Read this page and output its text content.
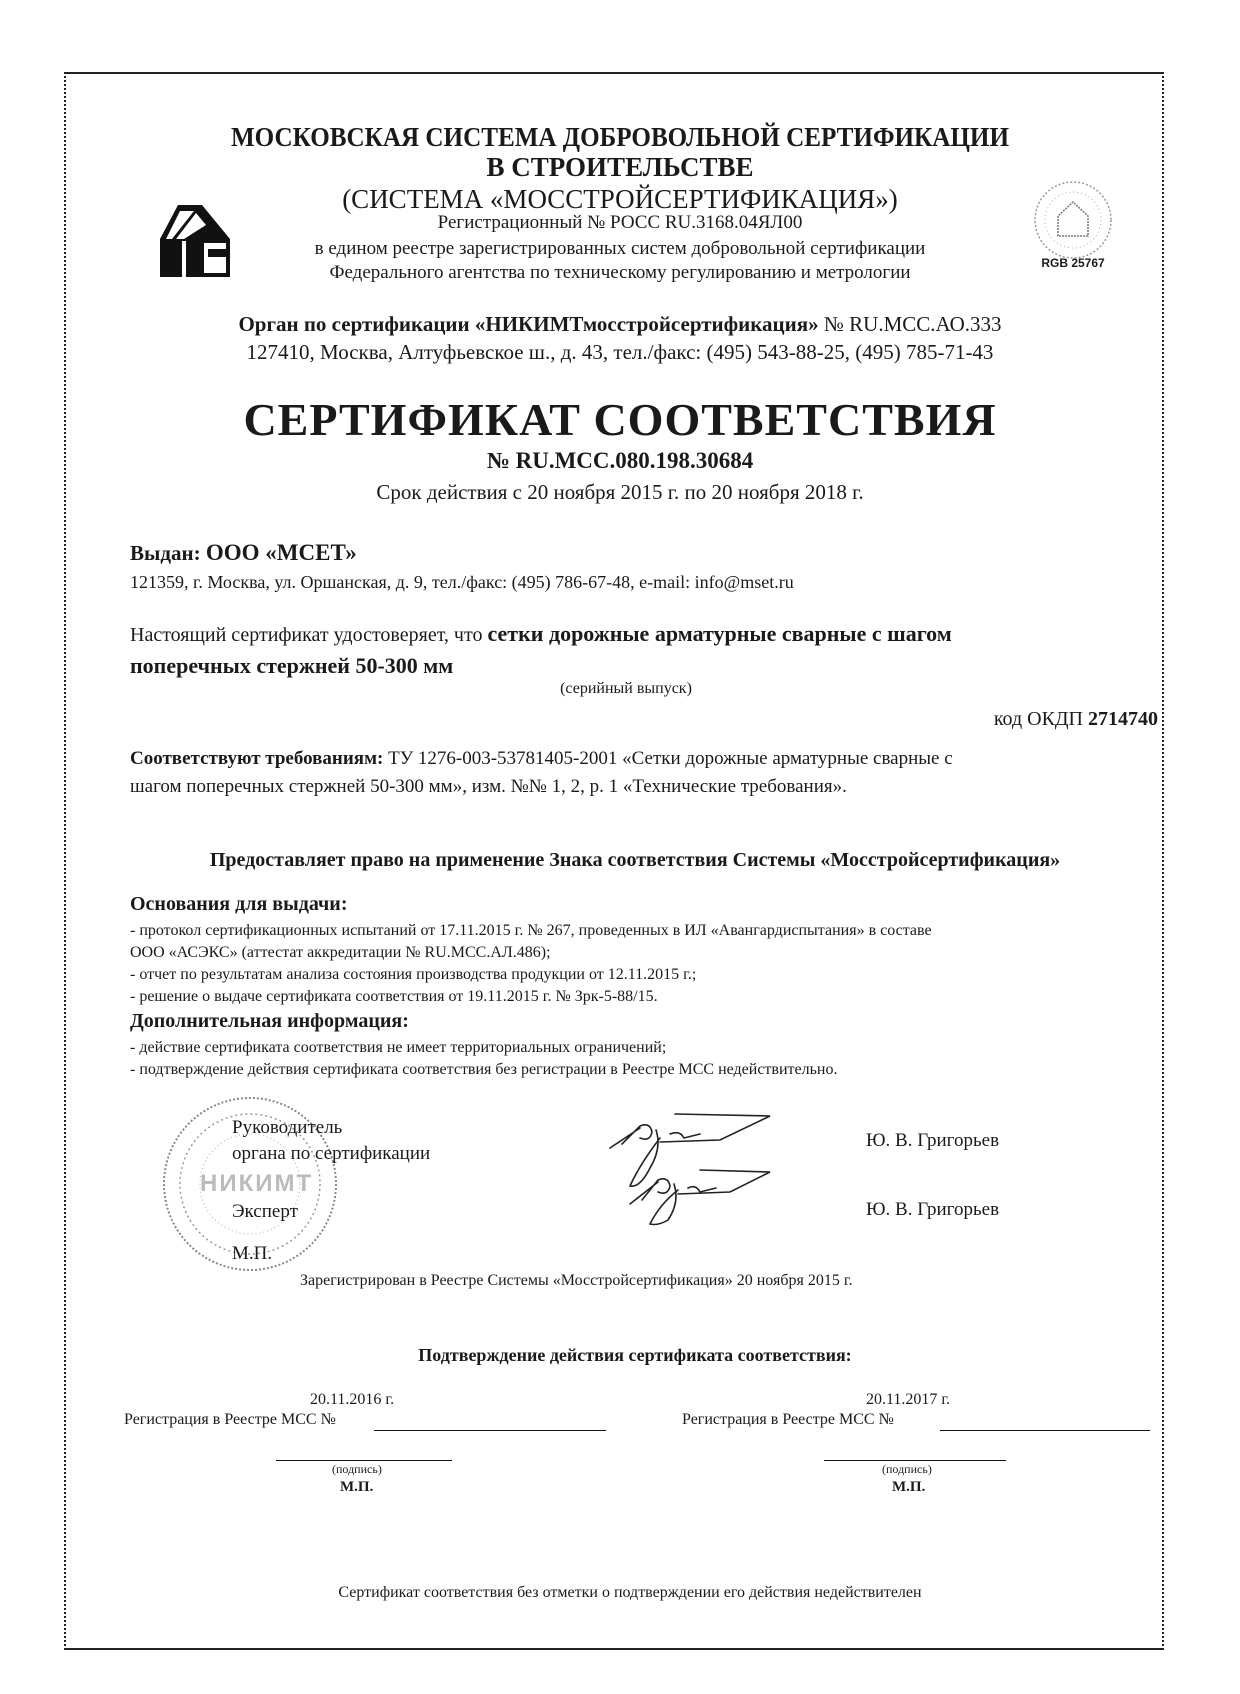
МОСКОВСКАЯ СИСТЕМА ДОБРОВОЛЬНОЙ СЕРТИФИКАЦИИ
В СТРОИТЕЛЬСТВЕ
(СИСТЕМА «МОССТРОЙСЕРТИФИКАЦИЯ»)
Регистрационный № РОСС RU.3168.04ЯЛ00
в едином реестре зарегистрированных систем добровольной сертификации
Федерального агентства по техническому регулированию и метрологии	RGB 25767
Орган по сертификации «НИКИМТмосстройсертификация» № RU.МСС.АО.333
127410, Москва, Алтуфьевское ш., д. 43, тел./факс: (495) 543-88-25, (495) 785-71-43
СЕРТИФИКАТ СООТВЕТСТВИЯ
№ RU.МСС.080.198.30684
Срок действия с 20 ноября 2015 г. по 20 ноября 2018 г.
Выдан: ООО «МСЕТ»
121359, г. Москва, ул. Оршанская, д. 9, тел./факс: (495) 786-67-48, e-mail: info@mset.ru
Настоящий сертификат удостоверяет, что сетки дорожные арматурные сварные с шагом
поперечных стержней 50-300 мм
(серийный выпуск)
код ОКДП 2714740
Соответствуют требованиям: ТУ 1276-003-53781405-2001 «Сетки дорожные арматурные сварные с
шагом поперечных стержней 50-300 мм», изм. №№ 1, 2, р. 1 «Технические требования».
Предоставляет право на применение Знака соответствия Системы «Мосстройсертификация»
Основания для выдачи:
- протокол сертификационных испытаний от 17.11.2015 г. № 267, проведенных в ИЛ «Авангардиспытания» в составе
ООО «АСЭКС» (аттестат аккредитации № RU.МСС.АЛ.486);
- отчет по результатам анализа состояния производства продукции от 12.11.2015 г.;
- решение о выдаче сертификата соответствия от 19.11.2015 г. № Зрк-5-88/15.
Дополнительная информация:
- действие сертификата соответствия не имеет территориальных ограничений;
- подтверждение действия сертификата соответствия без регистрации в Реестре МСС недействительно.
НИКИМТ
Руководитель
органа по сертификации
Эксперт
М.П.
Ю. В. Григорьев
Ю. В. Григорьев
Зарегистрирован в Реестре Системы «Мосстройсертификация» 20 ноября 2015 г.
Подтверждение действия сертификата соответствия:
20.11.2016 г.
Регистрация в Реестре МСС №
(подпись)
М.П.
20.11.2017 г.
Регистрация в Реестре МСС №
(подпись)
М.П.
Сертификат соответствия без отметки о подтверждении его действия недействителен
